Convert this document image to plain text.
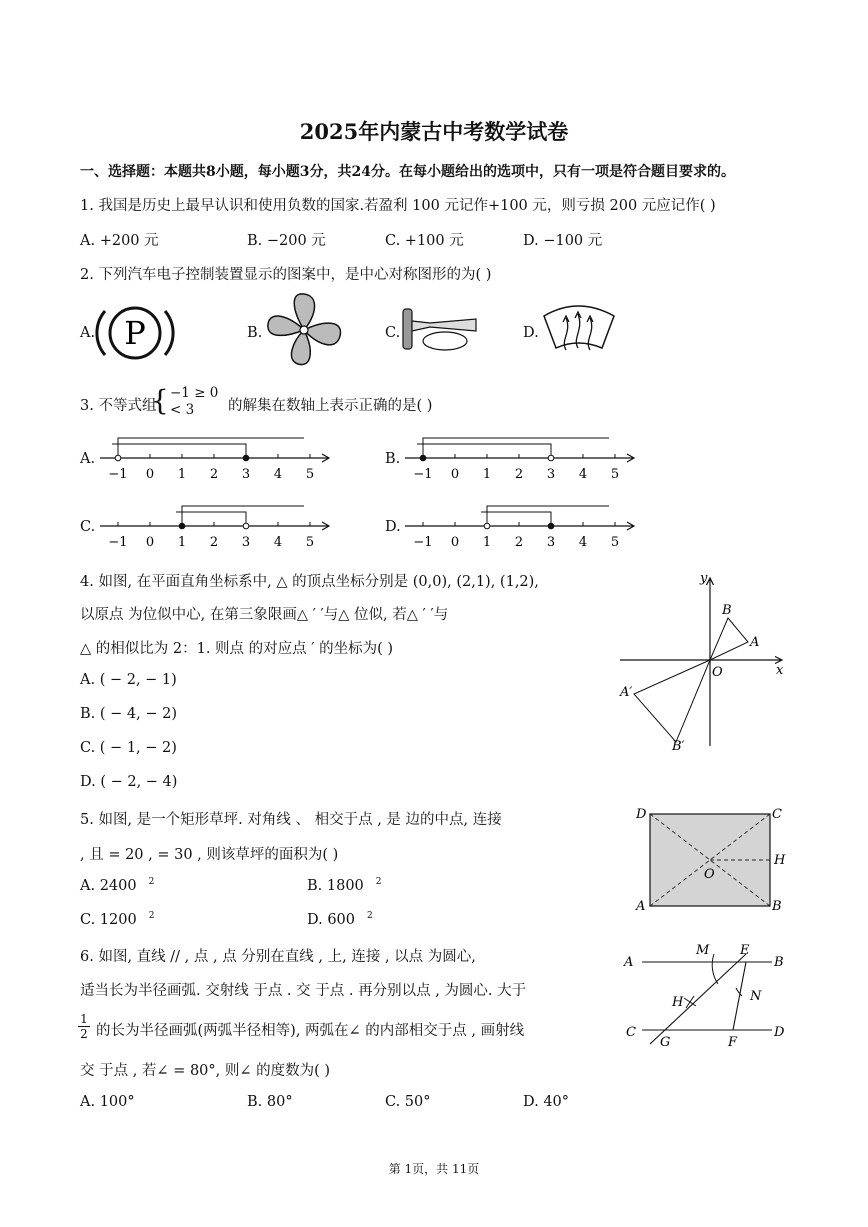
2025年内蒙古中考数学试卷
一、选择题：本题共8小题，每小题3分，共24分。在每小题给出的选项中，只有一项是符合题目要求的。
1. 我国是历史上最早认识和使用负数的国家.若盈利 100 元记作+100 元，则亏损 200 元应记作( )
A. +200 元	B. −200 元	C. +100 元	D. −100 元
2. 下列汽车电子控制装置显示的图案中，是中心对称图形的为( )
A.	B.	C.	D.
P
3. 不等式组
{ −1 ≥ 0
< 3 的解集在数轴上表示正确的是( )
A.	B.
C.	D.
−1 0 1 2 3 4 5	−1 0 1 2 3 4 5
−1 0 1 2 3 4 5	−1 0 1 2 3 4 5
4. 如图, 在平面直角坐标系中, △ 的顶点坐标分别是 (0,0), (2,1), (1,2),
以原点 为位似中心, 在第三象限画△ ′ ′与△ 位似, 若△ ′ ′与
△ 的相似比为 2：1. 则点 的对应点 ′ 的坐标为( )
A. ( − 2, − 1)
B. ( − 4, − 2)
C. ( − 1, − 2)
D. ( − 2, − 4)
y
x
O
A
B
A′
B′
5. 如图, 是一个矩形草坪. 对角线 、 相交于点 , 是 边的中点, 连接
, 且 = 20 , = 30 , 则该草坪的面积为( )
A. 2400 $^2$	B. 1800 $^2$
C. 1200 $^2$	D. 600 $^2$
D	C
H
O
A	B
6. 如图, 直线 // , 点 , 点 分别在直线 , 上, 连接 , 以点 为圆心,
适当长为半径画弧. 交射线 于点 . 交 于点 . 再分别以点 , 为圆心. 大于
$\frac{1}{2}$ 的长为半径画弧(两弧半径相等), 两弧在∠ 的内部相交于点 , 画射线
交 于点 , 若∠ = 80°, 则∠ 的度数为( )
A. 100°	B. 80°	C. 50°	D. 40°
A
M E
B
N
H
C
G	F
D
第 1页，共 11页
